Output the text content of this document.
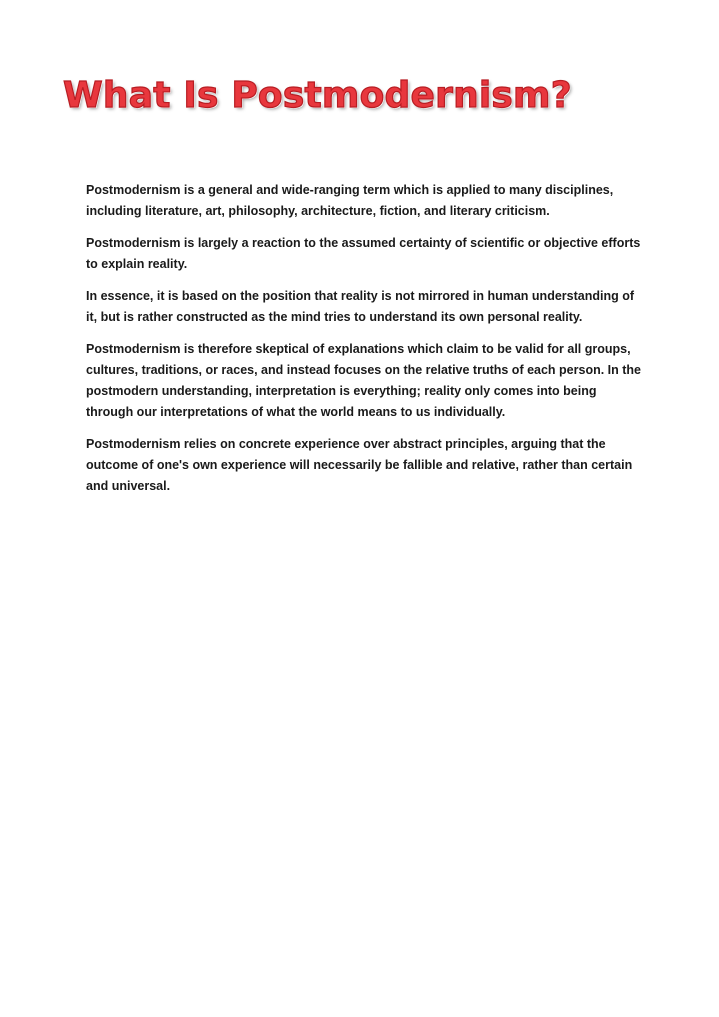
What Is Postmodernism?

Postmodernism is a general and wide-ranging term which is applied to many disciplines, including literature, art, philosophy, architecture, fiction, and literary criticism.

Postmodernism is largely a reaction to the assumed certainty of scientific or objective efforts to explain reality.

In essence, it is based on the position that reality is not mirrored in human understanding of it, but is rather constructed as the mind tries to understand its own personal reality.

Postmodernism is therefore skeptical of explanations which claim to be valid for all groups, cultures, traditions, or races, and instead focuses on the relative truths of each person. In the postmodern understanding, interpretation is everything; reality only comes into being through our interpretations of what the world means to us individually.

Postmodernism relies on concrete experience over abstract principles, arguing that the outcome of one's own experience will necessarily be fallible and relative, rather than certain and universal.
